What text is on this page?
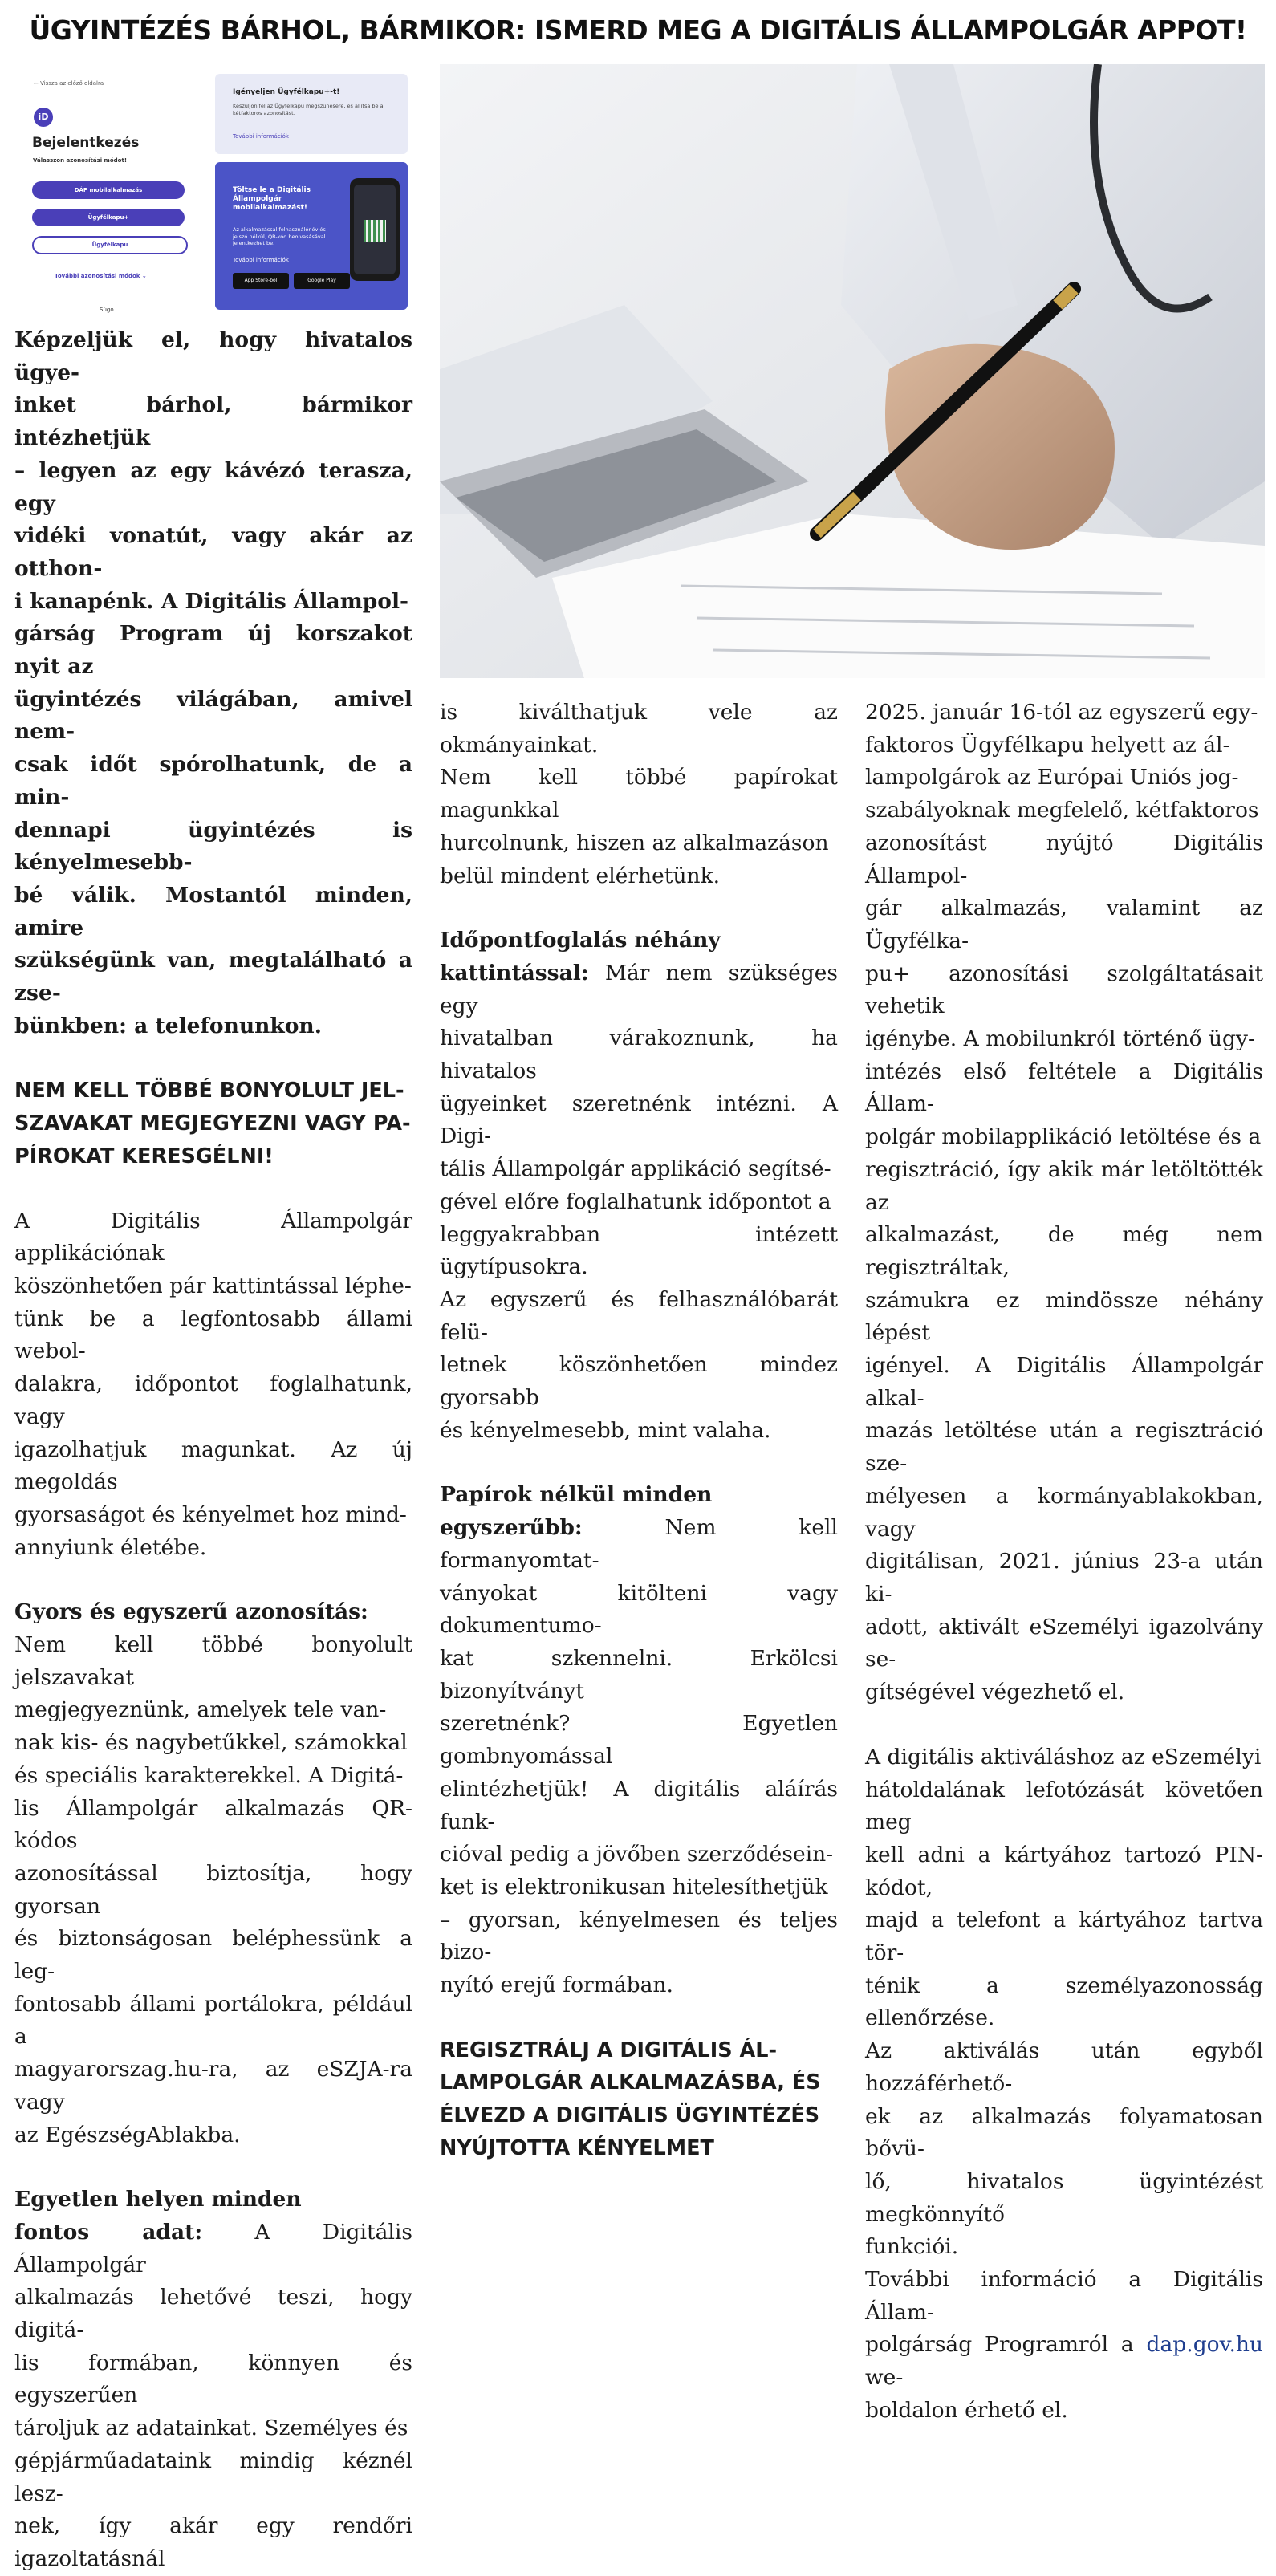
ÜGYINTÉZÉS BÁRHOL, BÁRMIKOR: ISMERD MEG A DIGITÁLIS ÁLLAMPOLGÁR APPOT!
← Vissza az előző oldalra
iD
Bejelentkezés
Válasszon azonosítási módot!
DÁP mobilalkalmazás
Ügyfélkapu+
Ügyfélkapu
További azonosítási módok ⌄
Súgó
Igényeljen Ügyfélkapu+-t!
Készüljön fel az Ügyfélkapu megszűnésére, és állítsa be a kétfaktoros azonosítást.
További információk
Töltse le a Digitális Állampolgár mobilalkalmazást!
Az alkalmazással felhasználónév és jelszó nélkül, QR-kód beolvasásával jelentkezhet be.
További információk
App Store-ból	Google Play

Képzeljük el, hogy hivatalos ügye-

inket bárhol, bármikor intézhetjük

– legyen az egy kávézó terasza, egy

vidéki vonatút, vagy akár az otthon-

i kanapénk. A Digitális Állampol-

gárság Program új korszakot nyit az

ügyintézés világában, amivel nem-

csak időt spórolhatunk, de a min-

dennapi ügyintézés is kényelmesebb-

bé válik. Mostantól minden, amire

szükségünk van, megtalálható a zse-

bünkben: a telefonunkon.

NEM KELL TÖBBÉ BONYOLULT JEL-

SZAVAKAT MEGJEGYEZNI VAGY PA-

PÍROKAT KERESGÉLNI!

A Digitális Állampolgár applikációnak

köszönhetően pár kattintással léphe-

tünk be a legfontosabb állami webol-

dalakra, időpontot foglalhatunk, vagy

igazolhatjuk magunkat. Az új megoldás

gyorsaságot és kényelmet hoz mind-

annyiunk életébe.

Gyors és egyszerű azonosítás:

Nem kell többé bonyolult jelszavakat

megjegyeznünk, amelyek tele van-

nak kis- és nagybetűkkel, számokkal

és speciális karakterekkel. A Digitá-

lis Állampolgár alkalmazás QR-kódos

azonosítással biztosítja, hogy gyorsan

és biztonságosan beléphessünk a leg-

fontosabb állami portálokra, például a

magyarorszag.hu-ra, az eSZJA-ra vagy

az EgészségAblakba.

Egyetlen helyen minden

fontos adat: A Digitális Állampolgár

alkalmazás lehetővé teszi, hogy digitá-

lis formában, könnyen és egyszerűen

tároljuk az adatainkat. Személyes és

gépjárműadataink mindig kéznél lesz-

nek, így akár egy rendőri igazoltatásnál

is kiválthatjuk vele az okmányainkat.

Nem kell többé papírokat magunkkal

hurcolnunk, hiszen az alkalmazáson

belül mindent elérhetünk.

Időpontfoglalás néhány

kattintással: Már nem szükséges egy

hivatalban várakoznunk, ha hivatalos

ügyeinket szeretnénk intézni. A Digi-

tális Állampolgár applikáció segítsé-

gével előre foglalhatunk időpontot a

leggyakrabban intézett ügytípusokra.

Az egyszerű és felhasználóbarát felü-

letnek köszönhetően mindez gyorsabb

és kényelmesebb, mint valaha.

Papírok nélkül minden

egyszerűbb: Nem kell formanyomtat-

ványokat kitölteni vagy dokumentumo-

kat szkennelni. Erkölcsi bizonyítványt

szeretnénk? Egyetlen gombnyomással

elintézhetjük! A digitális aláírás funk-

cióval pedig a jövőben szerződésein-

ket is elektronikusan hitelesíthetjük

– gyorsan, kényelmesen és teljes bizo-

nyító erejű formában.

REGISZTRÁLJ A DIGITÁLIS ÁL-

LAMPOLGÁR ALKALMAZÁSBA, ÉS

ÉLVEZD A DIGITÁLIS ÜGYINTÉZÉS

NYÚJTOTTA KÉNYELMET

2025. január 16-tól az egyszerű egy-

faktoros Ügyfélkapu helyett az ál-

lampolgárok az Európai Uniós jog-

szabályoknak megfelelő, kétfaktoros

azonosítást nyújtó Digitális Állampol-

gár alkalmazás, valamint az Ügyfélka-

pu+ azonosítási szolgáltatásait vehetik

igénybe. A mobilunkról történő ügy-

intézés első feltétele a Digitális Állam-

polgár mobilapplikáció letöltése és a

regisztráció, így akik már letöltötték az

alkalmazást, de még nem regisztráltak,

számukra ez mindössze néhány lépést

igényel. A Digitális Állampolgár alkal-

mazás letöltése után a regisztráció sze-

mélyesen a kormányablakokban, vagy

digitálisan, 2021. június 23-a után ki-

adott, aktivált eSzemélyi igazolvány se-

gítségével végezhető el.

A digitális aktiváláshoz az eSzemélyi

hátoldalának lefotózását követően meg

kell adni a kártyához tartozó PIN-kódot,

majd a telefont a kártyához tartva tör-

ténik a személyazonosság ellenőrzése.

Az aktiválás után egyből hozzáférhető-

ek az alkalmazás folyamatosan bővü-

lő, hivatalos ügyintézést megkönnyítő

funkciói.

További információ a Digitális Állam-

polgárság Programról a dap.gov.hu we-

boldalon érhető el.
